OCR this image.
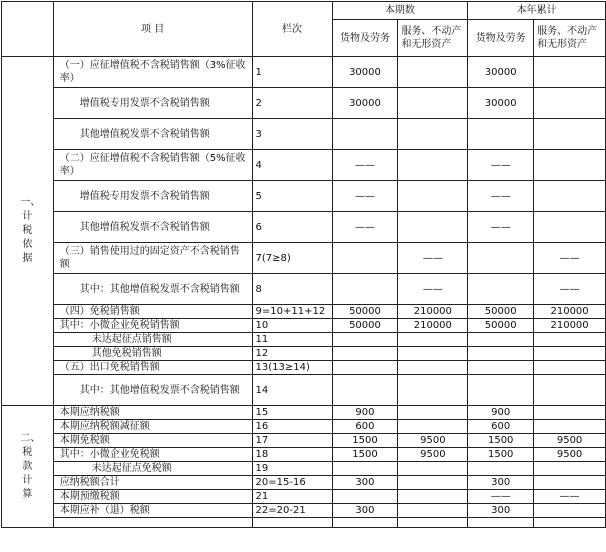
	项 目	栏次	本期数		本年累计	
			货物及劳务	服务、不动产和无形资产	货物及劳务	服务、不动产和无形资产

一、计税依据	（一）应征增值税不含税销售额（3%征收率）	1	30000		30000	
	增值税专用发票不含税销售额	2	30000		30000	
	其他增值税发票不含税销售额	3				
	（二）应征增值税不含税销售额（5%征收率）	4	——		——	
	增值税专用发票不含税销售额	5	——		——	
	其他增值税发票不含税销售额	6	——		——	
	（三）销售使用过的固定资产不含税销售额	7(7≥8)		——		——
	其中：其他增值税发票不含税销售额	8		——		——
	（四）免税销售额	9=10+11+12	50000	210000	50000	210000
	其中：小微企业免税销售额	10	50000	210000	50000	210000
	未达起征点销售额	11				
	其他免税销售额	12				
	（五）出口免税销售额	13(13≥14)				
	其中：其他增值税发票不含税销售额	14				

二、税款计算	本期应纳税额	15	900		900	
	本期应纳税额减征额	16	600		600	
	本期免税额	17	1500	9500	1500	9500
	其中：小微企业免税额	18	1500	9500	1500	9500
	未达起征点免税额	19				
	应纳税额合计	20=15-16	300		300	
	本期预缴税额	21			——	——
	本期应补（退）税额	22=20-21	300		300	
